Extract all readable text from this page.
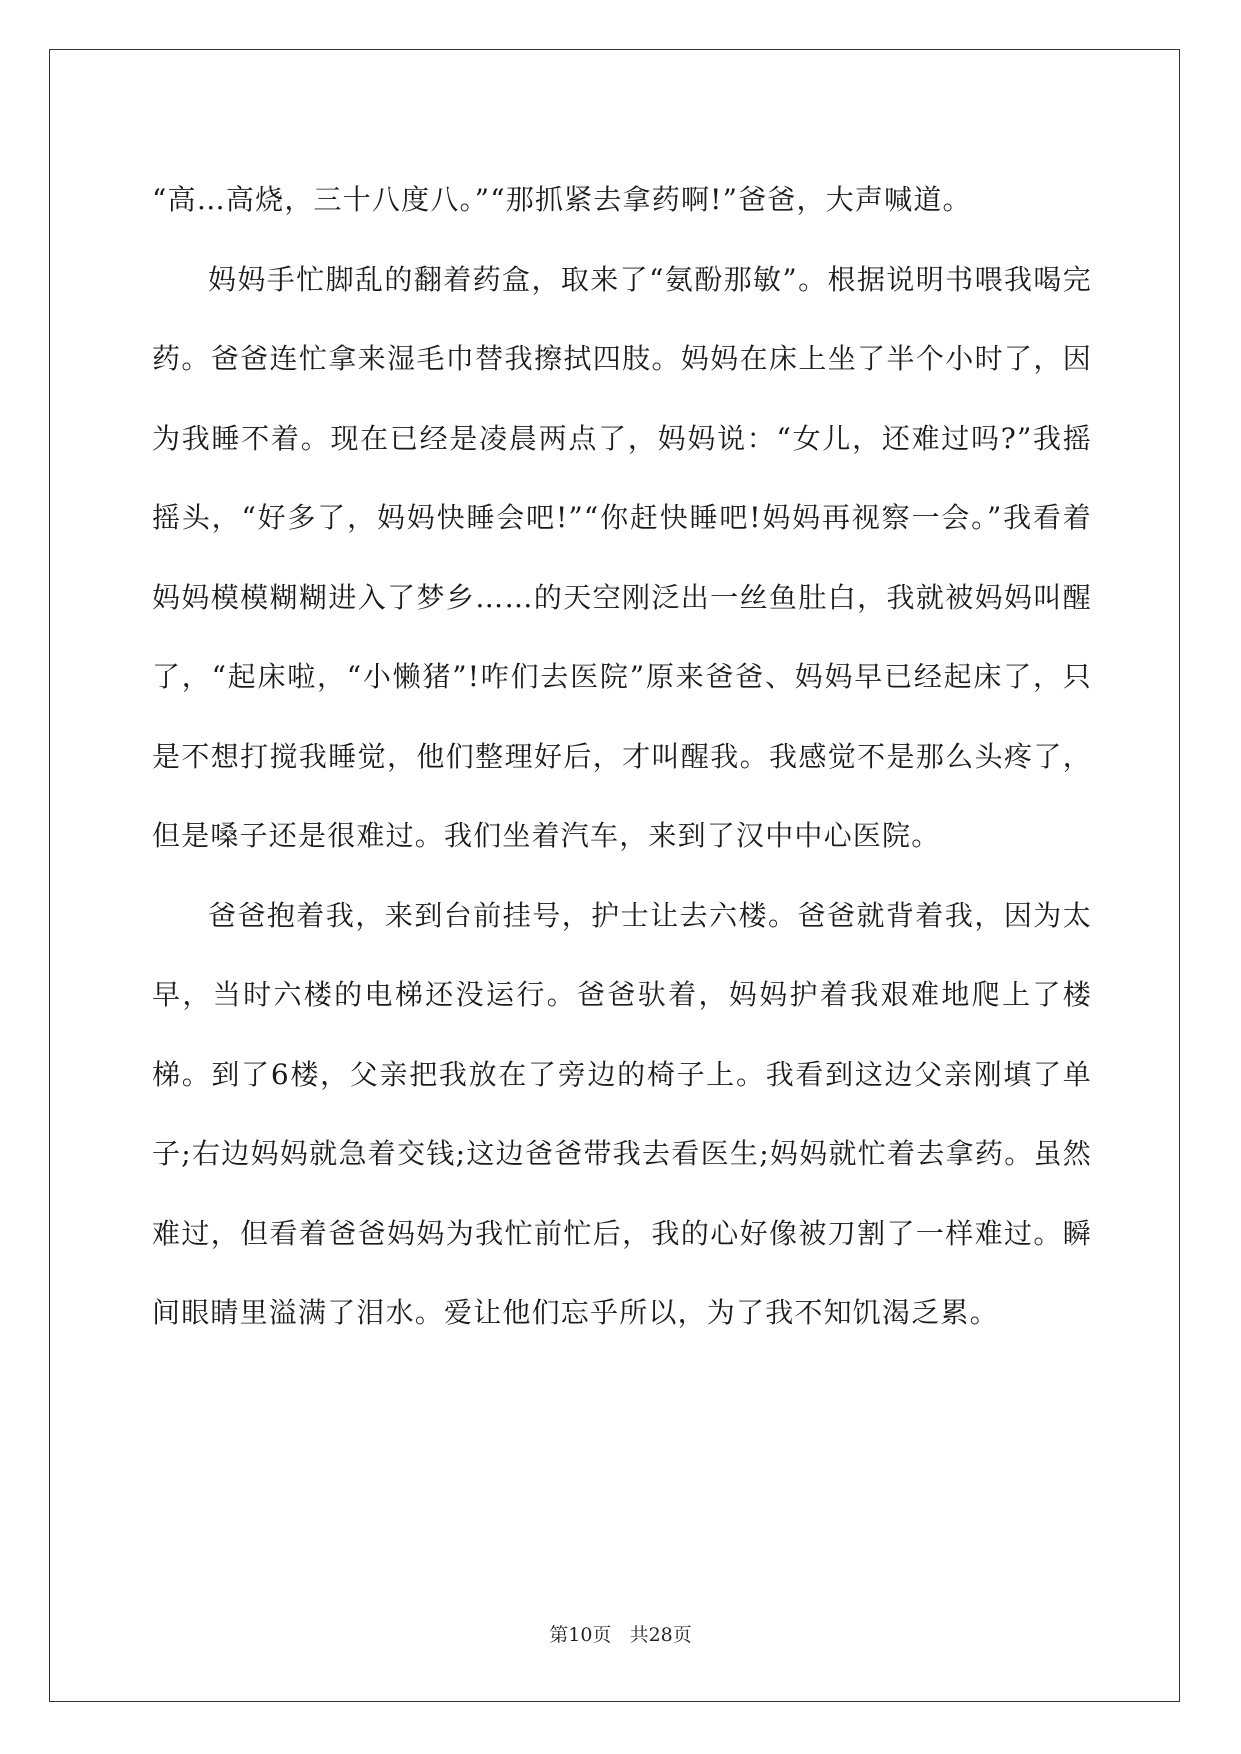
“高…高烧，三十八度八。”“那抓紧去拿药啊!”爸爸，大声喊道。

妈妈手忙脚乱的翻着药盒，取来了“氨酚那敏”。根据说明书喂我喝完药。爸爸连忙拿来湿毛巾替我擦拭四肢。妈妈在床上坐了半个小时了，因为我睡不着。现在已经是凌晨两点了，妈妈说：“女儿，还难过吗?”我摇摇头，“好多了，妈妈快睡会吧!”“你赶快睡吧!妈妈再视察一会。”我看着妈妈模模糊糊进入了梦乡……的天空刚泛出一丝鱼肚白，我就被妈妈叫醒了，“起床啦，“小懒猪”!咋们去医院”原来爸爸、妈妈早已经起床了，只是不想打搅我睡觉，他们整理好后，才叫醒我。我感觉不是那么头疼了，但是嗓子还是很难过。我们坐着汽车，来到了汉中中心医院。

爸爸抱着我，来到台前挂号，护士让去六楼。爸爸就背着我，因为太早，当时六楼的电梯还没运行。爸爸驮着，妈妈护着我艰难地爬上了楼梯。到了6楼，父亲把我放在了旁边的椅子上。我看到这边父亲刚填了单子;右边妈妈就急着交钱;这边爸爸带我去看医生;妈妈就忙着去拿药。虽然难过，但看着爸爸妈妈为我忙前忙后，我的心好像被刀割了一样难过。瞬间眼睛里溢满了泪水。爱让他们忘乎所以，为了我不知饥渴乏累。

第10页 共28页
